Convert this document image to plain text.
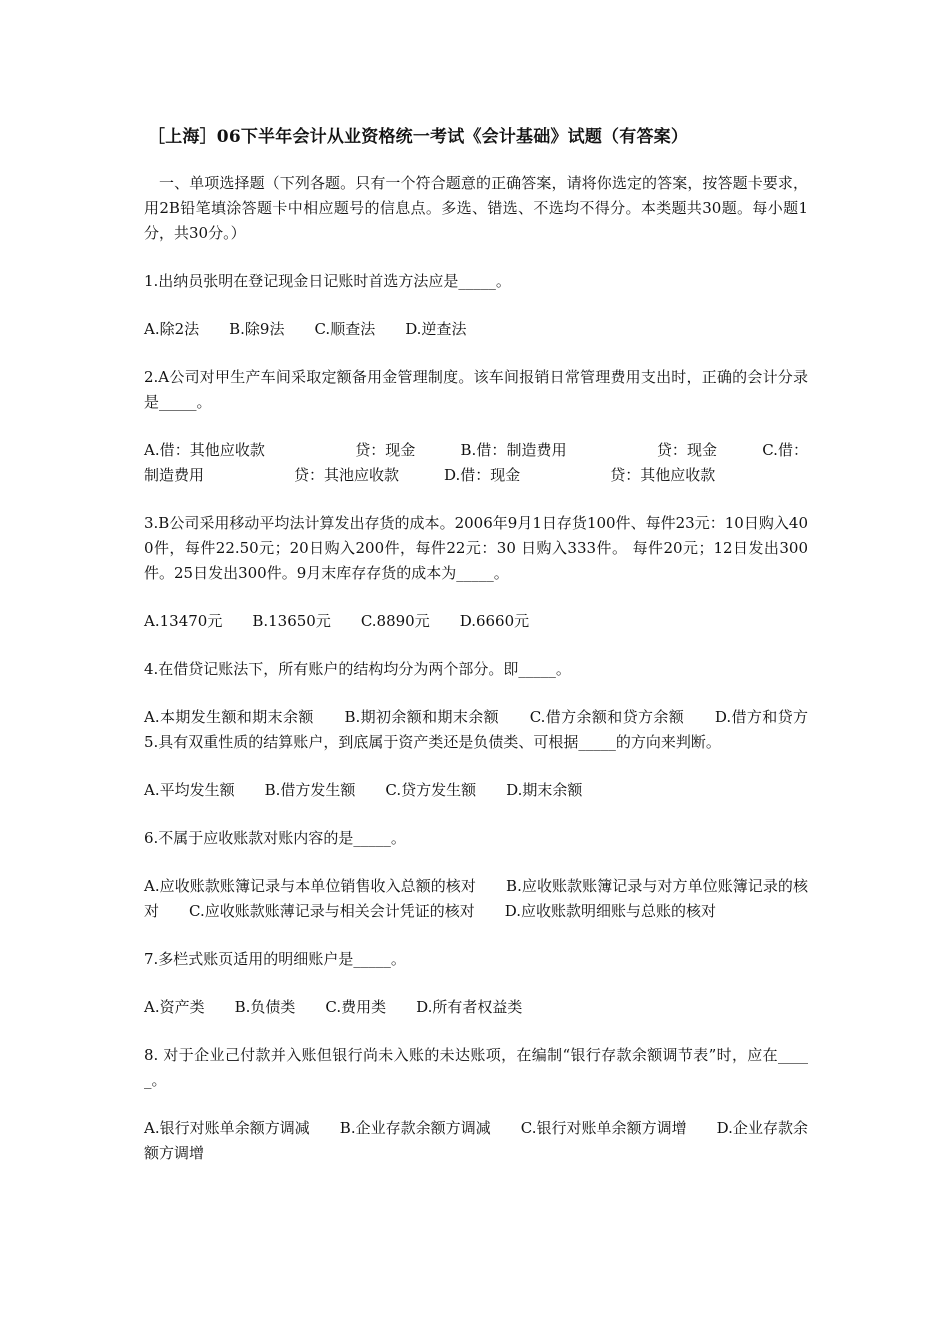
［上海］06下半年会计从业资格统一考试《会计基础》试题（有答案）

一、单项选择题（下列各题。只有一个符合题意的正确答案，请将你选定的答案，按答题卡要求，用2B铅笔填涂答题卡中相应题号的信息点。多选、错选、不选均不得分。本类题共30题。每小题1分，共30分。）

1.出纳员张明在登记现金日记账时首选方法应是_____。

A.除2法　　B.除9法　　C.顺查法　　D.逆查法

2.A公司对甲生产车间采取定额备用金管理制度。该车间报销日常管理费用支出时，正确的会计分录是_____。

A.借：其他应收款　　　　　　贷：现金　　　B.借：制造费用　　　　　　贷：现金　　　C.借：制造费用　　　　　　贷：其池应收款　　　D.借：现金　　　　　　贷：其他应收款

3.B公司采用移动平均法计算发出存货的成本。2006年9月1日存货100件、每件23元：10日购入400件，每件22.50元；20日购入200件，每件22元：30 日购入333件。 每件20元；12日发出300件。25日发出300件。9月末库存存货的成本为_____。

A.13470元　　B.13650元　　C.8890元　　D.6660元

4.在借贷记账法下，所有账户的结构均分为两个部分。即_____。

A.本期发生额和期末余额　　B.期初余额和期末余额　　C.借方余额和贷方余额　　D.借方和贷方　　　5.具有双重性质的结算账户，到底属于资产类还是负债类、可根据_____的方向来判断。

A.平均发生额　　B.借方发生额　　C.贷方发生额　　D.期末余额

6.不属于应收账款对账内容的是_____。

A.应收账款账簿记录与本单位销售收入总额的核对　　B.应收账款账簿记录与对方单位账簿记录的核对　　C.应收账款账薄记录与相关会计凭证的核对　　D.应收账款明细账与总账的核对

7.多栏式账页适用的明细账户是_____。

A.资产类　　B.负债类　　C.费用类　　D.所有者权益类

8. 对于企业己付款并入账但银行尚未入账的未达账项，在编制“银行存款余额调节表”时，应在_____。

A.银行对账单余额方调减　　B.企业存款余额方调减　　C.银行对账单余额方调增　　D.企业存款余额方调增
